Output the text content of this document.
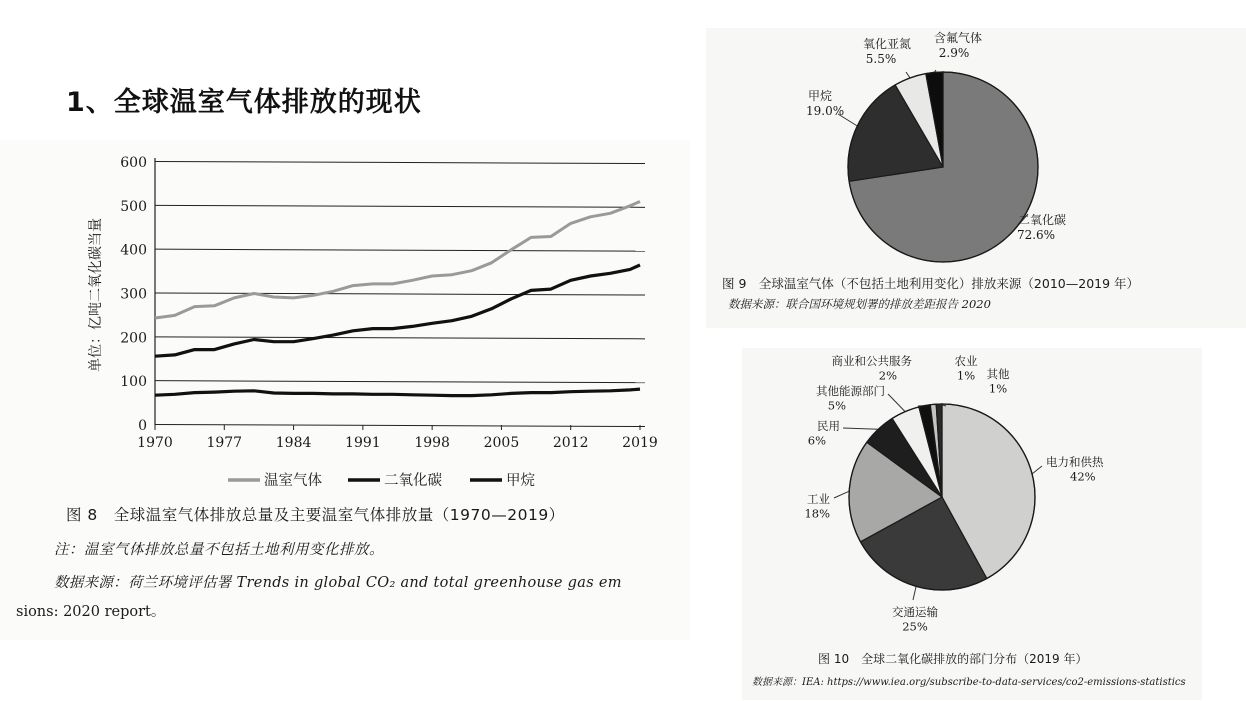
1、全球温室气体排放的现状
单位：亿吨二氧化碳当量
0
100
200
300
400
500
600
1970 1977 1984 1991 1998 2005 2012 2019
温室气体	二氧化碳	甲烷
图 8　全球温室气体排放总量及主要温室气体排放量（1970—2019）
注：温室气体排放总量不包括土地利用变化排放。
数据来源：荷兰环境评估署 Trends in global CO₂ and total greenhouse gas em
sions: 2020 report。
二氧化碳
72.6%
甲烷
19.0%
氧化亚氮
5.5%
含氟气体
2.9%
图 9　全球温室气体（不包括土地利用变化）排放来源（2010—2019 年）
数据来源：联合国环境规划署的排放差距报告 2020
电力和供热
42%
交通运输
25%
工业
18%
民用
6%
其他能源部门
5%
商业和公共服务
2%
农业
1% 其他
1%
图 10　全球二氧化碳排放的部门分布（2019 年）
数据来源：IEA: https://www.iea.org/subscribe-to-data-services/co2-emissions-statistics
